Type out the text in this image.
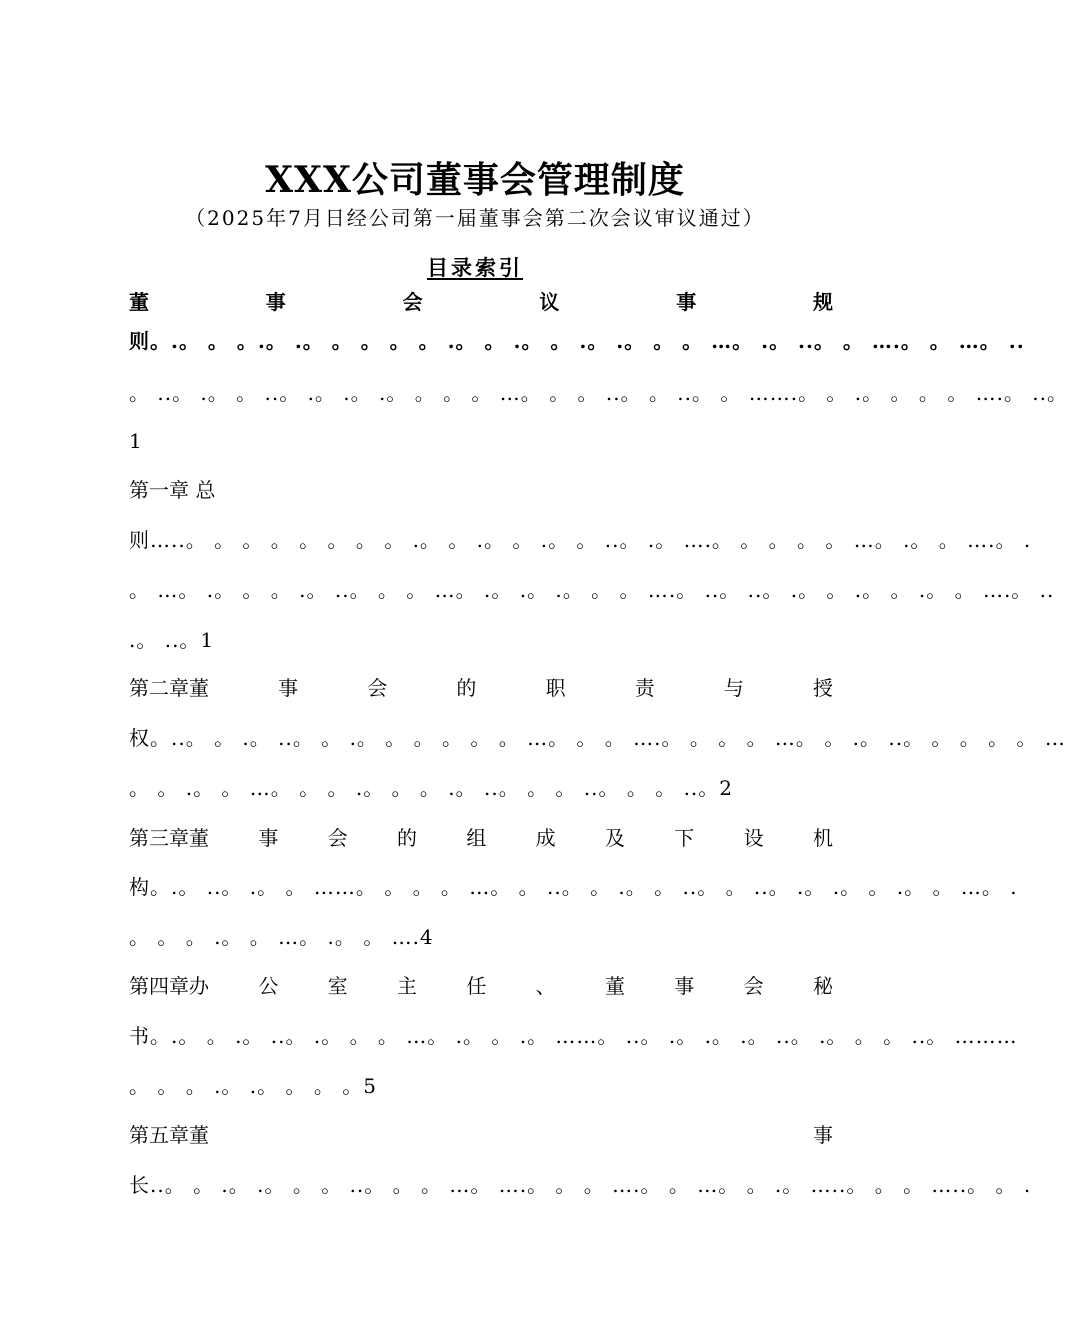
XXX公司董事会管理制度
（2025年7月日经公司第一届董事会第二次会议审议通过）
目录索引
董	事	会	议	事	规
则。.。 。 。.。 .。 。 。 。 。 .。 。 .。 。 .。 .。 。 。 …。 .。 ..。 。 ….。 。 …。 ..
。 ..。 .。 。 ..。 .。 .。 .。 。 。 。 …。 。 。 ..。 。 ..。 。 …….。 。 .。 。 。 。 ….。 ..。
1
第一章 总
则…..。 。 。 。 。 。 。 。 .。 。 .。 。 .。 。 ..。 .。 ….。 。 。 。 。 …。 .。 。 ….。 .
。 …。 .。 。 。 .。 ..。 。 。 …。 .。 .。 .。 。 。 ….。 ..。 ..。 .。 。 .。 。 .。 。 ….。 ..
.。 ..。1
第二章董	事	会	的	职	责	与	授
权。..。 。 .。 ..。 。 .。 。 。 。 。 。 …。 。 。 ….。 。 。 。 …。 。 .。 ..。 。 。 。 。 …
。 。 .。 。 …。 。 。 .。 。 。 .。 ..。 。 。 ..。 。 。 ..。2
第三章董 事 会 的 组 成 及 下 设 机
构。.。 ..。 .。 。 ……。 。 。 。 …。 。 ..。 。 .。 。 ..。 。 ..。 .。 .。 。 .。 。 …。 .
。 。 。 .。 。 …。 .。 。 ….4
第四章办 公 室 主 任 、 董 事 会 秘
书。.。 。 .。 ..。 .。 。 。 …。 .。 。 .。 ……。 ..。 .。 .。 .。 ..。 .。 。 。 ..。 ………
。 。 。 .。 .。 。 。 。5
第五章董	事
长..。 。 .。 .。 。 。 ..。 。 。 …。 ….。 。 。 ….。 。 …。 。 .。 …..。 。 。 …..。 。 .
